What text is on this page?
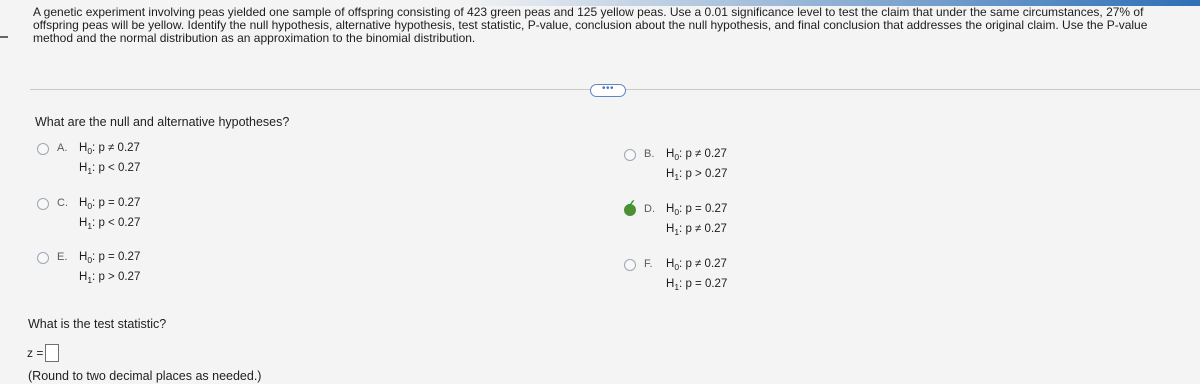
A genetic experiment involving peas yielded one sample of offspring consisting of 423 green peas and 125 yellow peas. Use a 0.01 significance level to test the claim that under the same circumstances, 27% of offspring peas will be yellow. Identify the null hypothesis, alternative hypothesis, test statistic, P-value, conclusion about the null hypothesis, and final conclusion that addresses the original claim. Use the P-value method and the normal distribution as an approximation to the binomial distribution.
•••
What are the null and alternative hypotheses?
A.	$H_0$: p ≠ 0.27
$H_1$: p < 0.27
B.	$H_0$: p ≠ 0.27
$H_1$: p > 0.27
C. $H_0$: p = 0.27
$H_1$: p < 0.27
✓ D. $H_0$: p = 0.27
$H_1$: p ≠ 0.27
E.	$H_0$: p = 0.27
$H_1$: p > 0.27
F.	$H_0$: p ≠ 0.27
$H_1$: p = 0.27
What is the test statistic?
z =
(Round to two decimal places as needed.)
